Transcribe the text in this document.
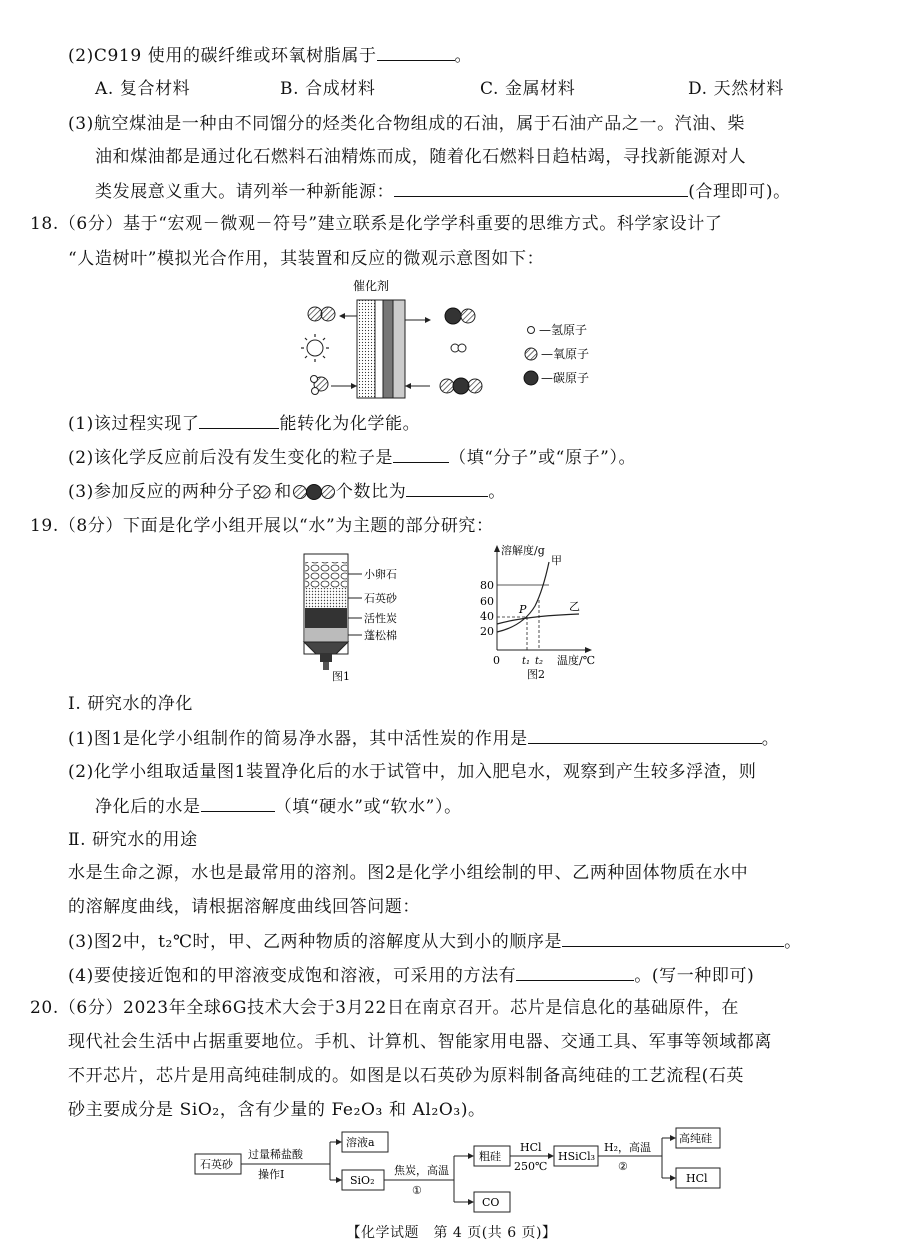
(2)C919 使用的碳纤维或环氧树脂属于	。
A. 复合材料	B. 合成材料	C. 金属材料	D. 天然材料
(3)航空煤油是一种由不同馏分的烃类化合物组成的石油，属于石油产品之一。汽油、柴
油和煤油都是通过化石燃料石油精炼而成，随着化石燃料日趋枯竭，寻找新能源对人
类发展意义重大。请列举一种新能源：	(合理即可)。
18.（6分）基于“宏观－微观－符号”建立联系是化学学科重要的思维方式。科学家设计了
“人造树叶”模拟光合作用，其装置和反应的微观示意图如下：
催化剂
—氢原子
—氧原子
—碳原子
(1)该过程实现了	能转化为化学能。
(2)该化学反应前后没有发生变化的粒子是	（填“分子”或“原子”）。
(3)参加反应的两种分子 和	个数比为	。
19.（8分）下面是化学小组开展以“水”为主题的部分研究：
小卵石
石英砂
活性炭
蓬松棉
图1
溶解度/g
80
60
40
20
0
P
甲
乙
t₁ t₂ 温度/℃
图2
Ⅰ. 研究水的净化
(1)图1是化学小组制作的简易净水器，其中活性炭的作用是	。
(2)化学小组取适量图1装置净化后的水于试管中，加入肥皂水，观察到产生较多浮渣，则
净化后的水是	（填“硬水”或“软水”）。
Ⅱ. 研究水的用途
水是生命之源，水也是最常用的溶剂。图2是化学小组绘制的甲、乙两种固体物质在水中
的溶解度曲线，请根据溶解度曲线回答问题：
(3)图2中，t₂℃时，甲、乙两种物质的溶解度从大到小的顺序是	。
(4)要使接近饱和的甲溶液变成饱和溶液，可采用的方法有	。(写一种即可)
20.（6分）2023年全球6G技术大会于3月22日在南京召开。芯片是信息化的基础原件，在
现代社会生活中占据重要地位。手机、计算机、智能家用电器、交通工具、军事等领域都离
不开芯片，芯片是用高纯硅制成的。如图是以石英砂为原料制备高纯硅的工艺流程(石英
砂主要成分是 SiO₂，含有少量的 Fe₂O₃ 和 Al₂O₃)。
石英砂
过量稀盐酸
操作Ⅰ
溶液a
SiO₂
焦炭，高温
①
粗硅
CO
HCl
250℃
HSiCl₃
H₂，高温
②
高纯硅
HCl
【化学试题　第 4 页(共 6 页)】
